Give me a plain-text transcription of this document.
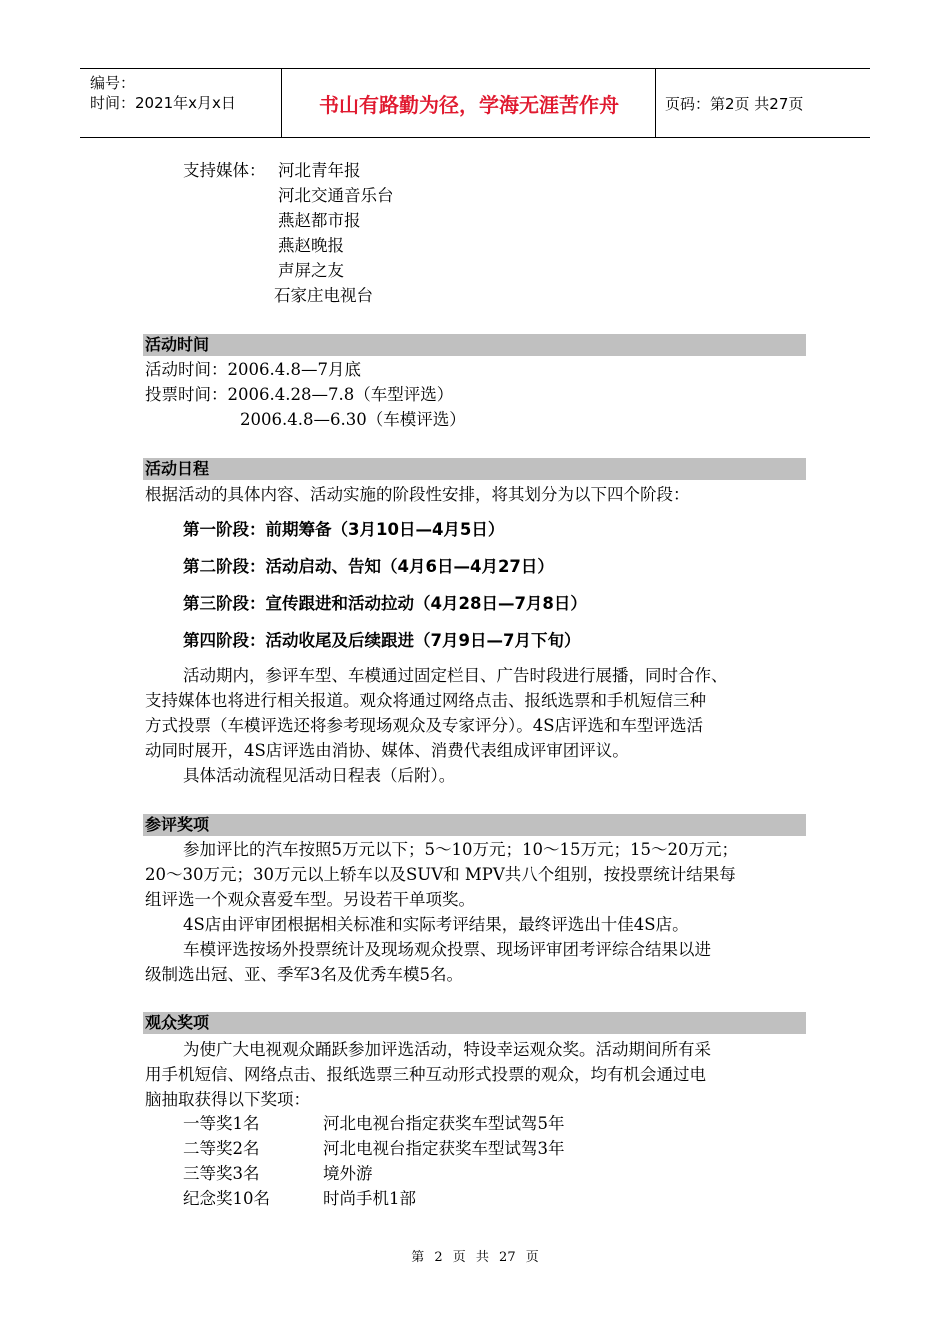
编号：
时间：2021年x月x日	书山有路勤为径，学海无涯苦作舟	页码：第2页 共27页
支持媒体： 河北青年报
河北交通音乐台
燕赵都市报
燕赵晚报
声屏之友
石家庄电视台
活动时间
活动时间：2006.4.8—7月底
投票时间：2006.4.28—7.8（车型评选）
2006.4.8—6.30（车模评选）
活动日程
根据活动的具体内容、活动实施的阶段性安排，将其划分为以下四个阶段：
第一阶段：前期筹备（3月10日—4月5日）
第二阶段：活动启动、告知（4月6日—4月27日）
第三阶段：宣传跟进和活动拉动（4月28日—7月8日）
第四阶段：活动收尾及后续跟进（7月9日—7月下旬）
活动期内，参评车型、车模通过固定栏目、广告时段进行展播，同时合作、
支持媒体也将进行相关报道。观众将通过网络点击、报纸选票和手机短信三种
方式投票（车模评选还将参考现场观众及专家评分）。4S店评选和车型评选活
动同时展开，4S店评选由消协、媒体、消费代表组成评审团评议。
具体活动流程见活动日程表（后附）。
参评奖项
参加评比的汽车按照5万元以下；5～10万元；10～15万元；15～20万元；
20～30万元；30万元以上轿车以及SUV和 MPV共八个组别，按投票统计结果每
组评选一个观众喜爱车型。另设若干单项奖。
4S店由评审团根据相关标准和实际考评结果，最终评选出十佳4S店。
车模评选按场外投票统计及现场观众投票、现场评审团考评综合结果以进
级制选出冠、亚、季军3名及优秀车模5名。
观众奖项
为使广大电视观众踊跃参加评选活动，特设幸运观众奖。活动期间所有采
用手机短信、网络点击、报纸选票三种互动形式投票的观众，均有机会通过电
脑抽取获得以下奖项：
一等奖1名	河北电视台指定获奖车型试驾5年
二等奖2名	河北电视台指定获奖车型试驾3年
三等奖3名	境外游
纪念奖10名	时尚手机1部
第 2 页 共 27 页
